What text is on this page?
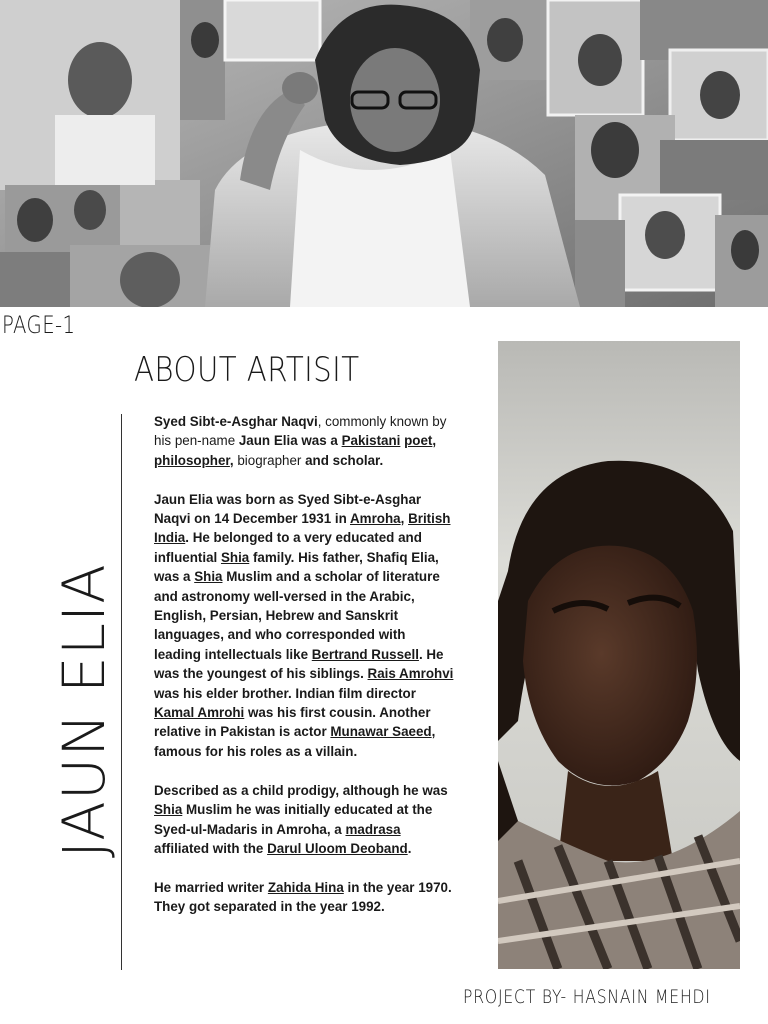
PAGE-1
ABOUT ARTISIT
JAUN ELIA

Syed Sibt-e-Asghar Naqvi, commonly known by his pen-name Jaun Elia was a Pakistani poet, philosopher, biographer and scholar.

Jaun Elia was born as Syed Sibt-e-Asghar Naqvi on 14 December 1931 in Amroha, British India. He belonged to a very educated and influential Shia family. His father, Shafiq Elia, was a Shia Muslim and a scholar of literature and astronomy well-versed in the Arabic, English, Persian, Hebrew and Sanskrit languages, and who corresponded with leading intellectuals like Bertrand Russell. He was the youngest of his siblings. Rais Amrohvi was his elder brother. Indian film director Kamal Amrohi was his first cousin. Another relative in Pakistan is actor Munawar Saeed, famous for his roles as a villain.

Described as a child prodigy, although he was Shia Muslim he was initially educated at the Syed-ul-Madaris in Amroha, a madrasa affiliated with the Darul Uloom Deoband.

He married writer Zahida Hina in the year 1970. They got separated in the year 1992.

PROJECT BY- HASNAIN MEHDI
